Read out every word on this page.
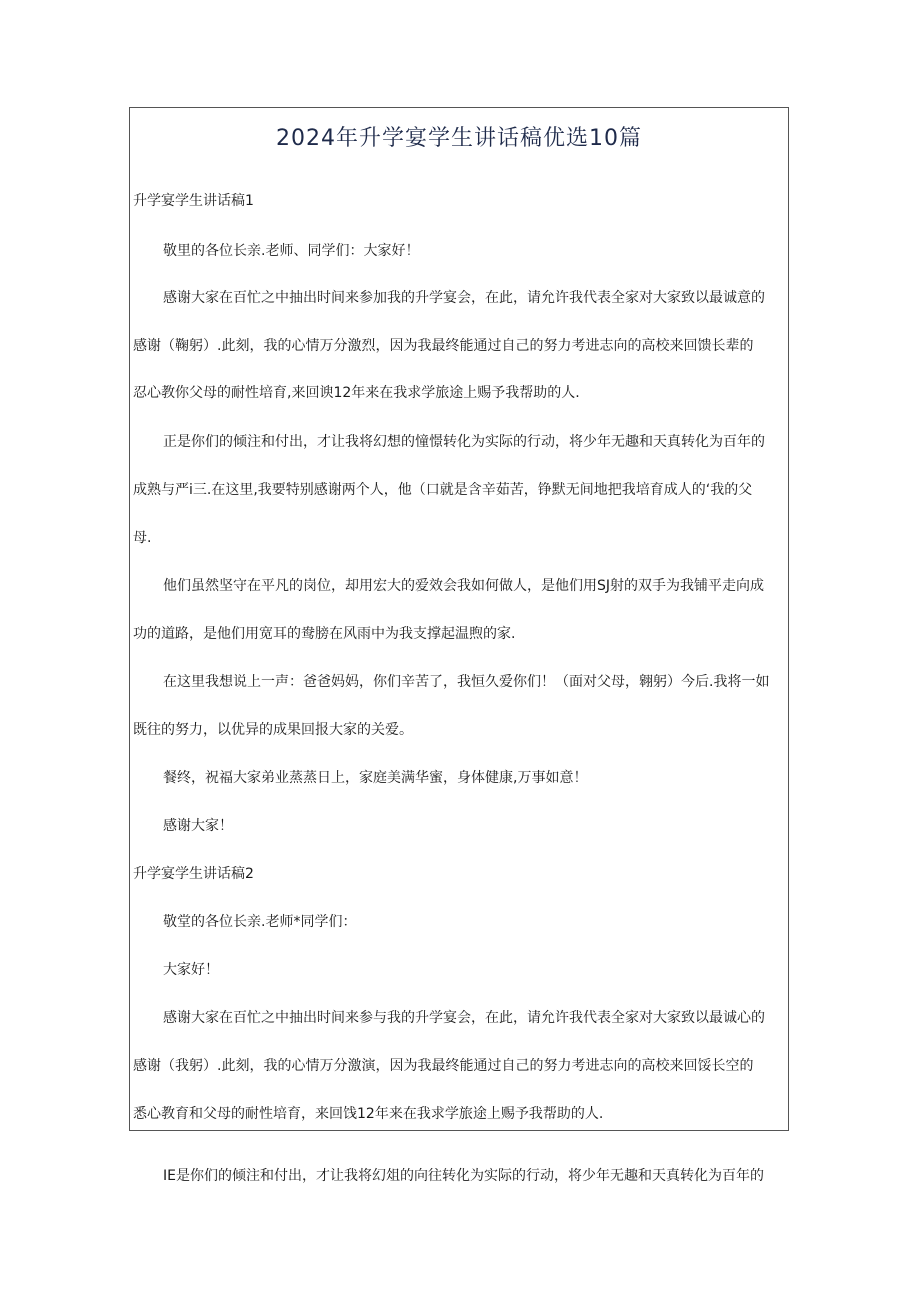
2024年升学宴学生讲话稿优选10篇

升学宴学生讲话稿1

敬里的各位长亲.老师、同学们：大家好！

感谢大家在百忙之中抽出时间来参加我的升学宴会，在此，请允许我代表全家对大家致以最诚意的

感谢（鞠躬）.此刻，我的心情万分激烈，因为我最终能通过自己的努力考进志向的高校来回馈长辈的

忍心教你父母的耐性培育,来回谀12年来在我求学旅途上赐予我帮助的人.

正是你们的倾注和付出，才让我将幻想的憧憬转化为实际的行动，将少年无趣和天真转化为百年的

成熟与严i三.在这里,我要特别感谢两个人，他（口就是含辛茹苦，铮默无间地把我培育成人的‘我的父

母.

他们虽然坚守在平凡的岗位，却用宏大的爱效会我如何做人，是他们用SJ射的双手为我铺平走向成

功的道路，是他们用宽耳的鸯膀在风雨中为我支撑起温煦的家.

在这里我想说上一声：爸爸妈妈，你们辛苦了，我恒久爱你们！（面对父母，翱躬）今后.我将一如

既往的努力，以优异的成果回报大家的关爱。

餐终，祝福大家弟业蒸蒸日上，家庭美满华蜜，身体健康,万事如意！

感谢大家！

升学宴学生讲话稿2

敬堂的各位长亲.老师*同学们：

大家好！

感谢大家在百忙之中抽出时间来参与我的升学宴会，在此，请允许我代表全家对大家致以最诚心的

感谢（我躬）.此刻，我的心情万分激演，因为我最终能通过自己的努力考进志向的高校来回馁长空的

悉心教育和父母的耐性培育，来回饯12年来在我求学旅途上赐予我帮助的人.

IE是你们的倾注和付出，才让我将幻俎的向往转化为实际的行动，将少年无趣和天真转化为百年的
